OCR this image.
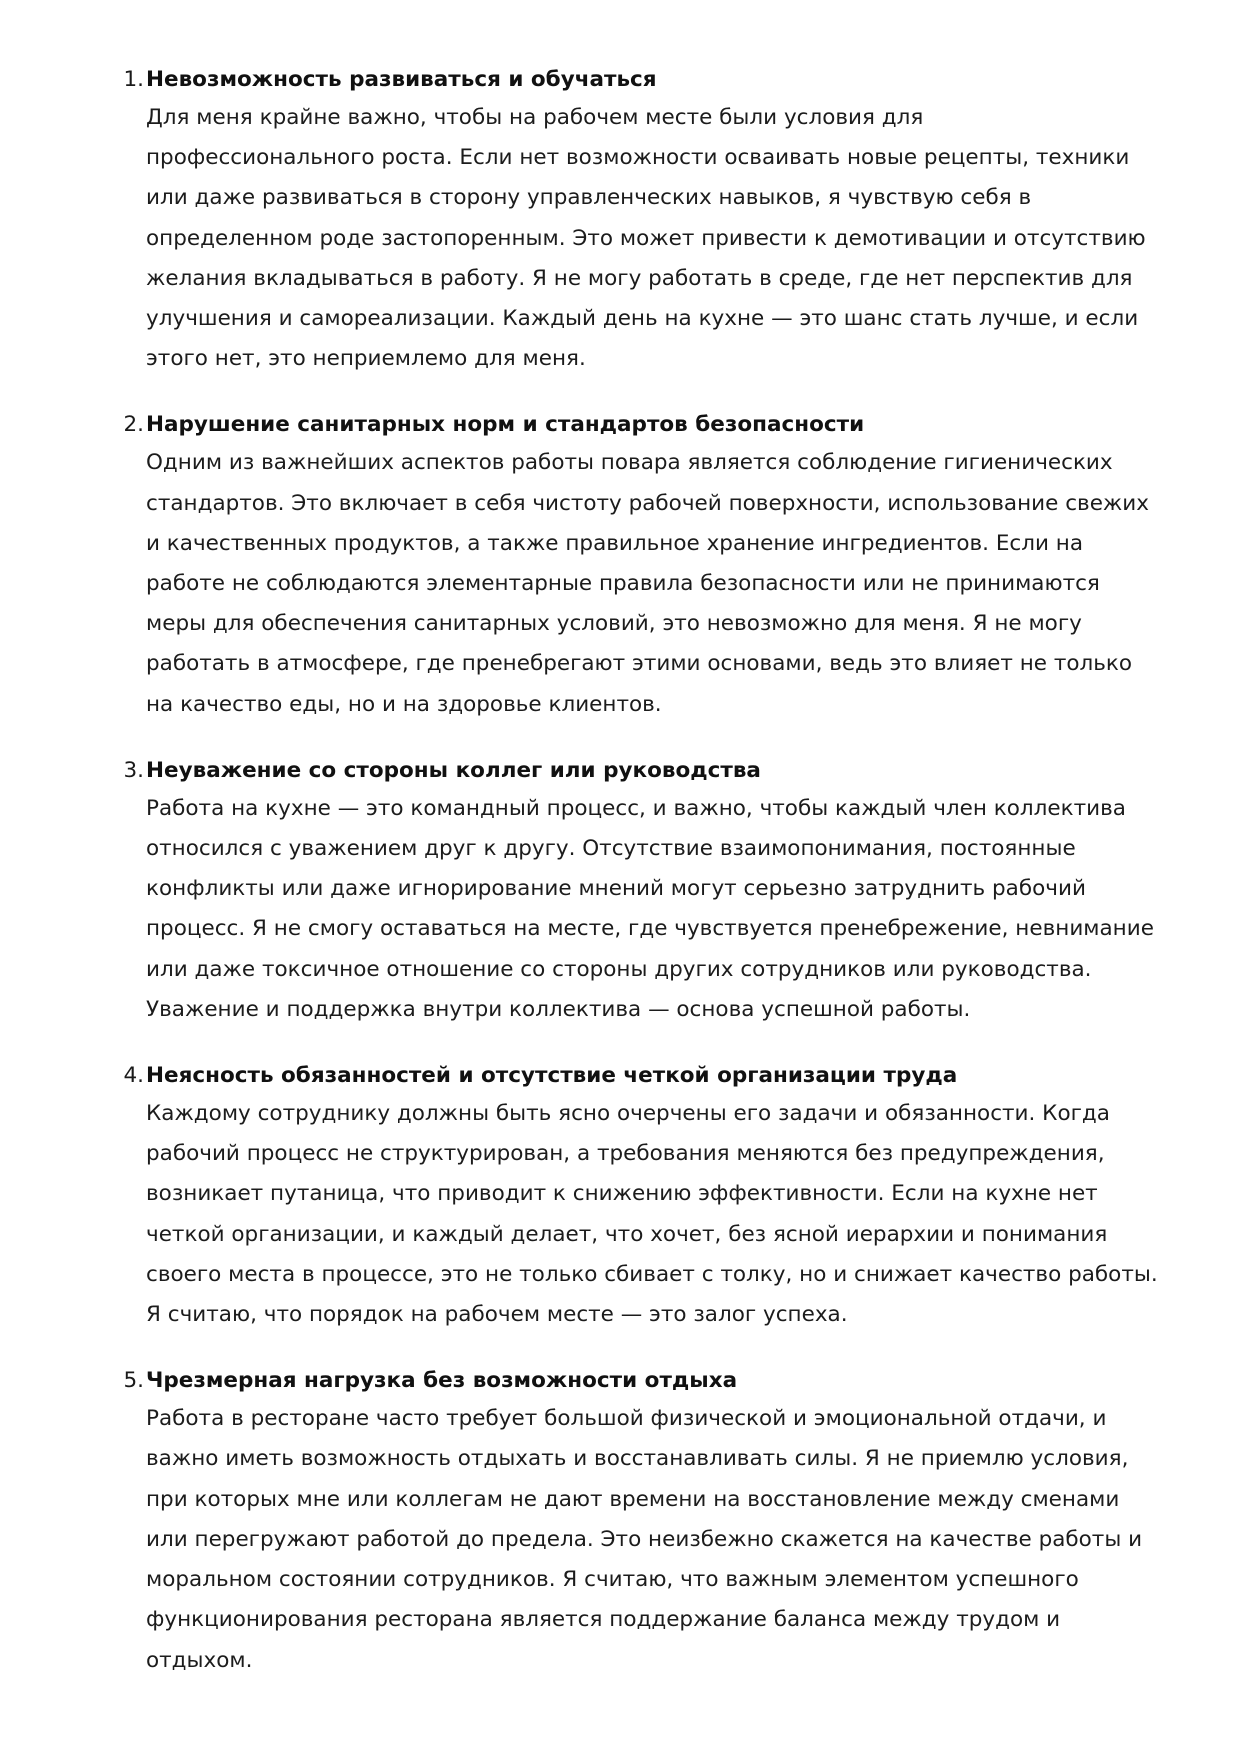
1. Невозможность развиваться и обучаться
Для меня крайне важно, чтобы на рабочем месте были условия для
профессионального роста. Если нет возможности осваивать новые рецепты, техники
или даже развиваться в сторону управленческих навыков, я чувствую себя в
определенном роде застопоренным. Это может привести к демотивации и отсутствию
желания вкладываться в работу. Я не могу работать в среде, где нет перспектив для
улучшения и самореализации. Каждый день на кухне — это шанс стать лучше, и если
этого нет, это неприемлемо для меня.
2. Нарушение санитарных норм и стандартов безопасности
Одним из важнейших аспектов работы повара является соблюдение гигиенических
стандартов. Это включает в себя чистоту рабочей поверхности, использование свежих
и качественных продуктов, а также правильное хранение ингредиентов. Если на
работе не соблюдаются элементарные правила безопасности или не принимаются
меры для обеспечения санитарных условий, это невозможно для меня. Я не могу
работать в атмосфере, где пренебрегают этими основами, ведь это влияет не только
на качество еды, но и на здоровье клиентов.
3. Неуважение со стороны коллег или руководства
Работа на кухне — это командный процесс, и важно, чтобы каждый член коллектива
относился с уважением друг к другу. Отсутствие взаимопонимания, постоянные
конфликты или даже игнорирование мнений могут серьезно затруднить рабочий
процесс. Я не смогу оставаться на месте, где чувствуется пренебрежение, невнимание
или даже токсичное отношение со стороны других сотрудников или руководства.
Уважение и поддержка внутри коллектива — основа успешной работы.
4. Неясность обязанностей и отсутствие четкой организации труда
Каждому сотруднику должны быть ясно очерчены его задачи и обязанности. Когда
рабочий процесс не структурирован, а требования меняются без предупреждения,
возникает путаница, что приводит к снижению эффективности. Если на кухне нет
четкой организации, и каждый делает, что хочет, без ясной иерархии и понимания
своего места в процессе, это не только сбивает с толку, но и снижает качество работы.
Я считаю, что порядок на рабочем месте — это залог успеха.
5. Чрезмерная нагрузка без возможности отдыха
Работа в ресторане часто требует большой физической и эмоциональной отдачи, и
важно иметь возможность отдыхать и восстанавливать силы. Я не приемлю условия,
при которых мне или коллегам не дают времени на восстановление между сменами
или перегружают работой до предела. Это неизбежно скажется на качестве работы и
моральном состоянии сотрудников. Я считаю, что важным элементом успешного
функционирования ресторана является поддержание баланса между трудом и
отдыхом.
